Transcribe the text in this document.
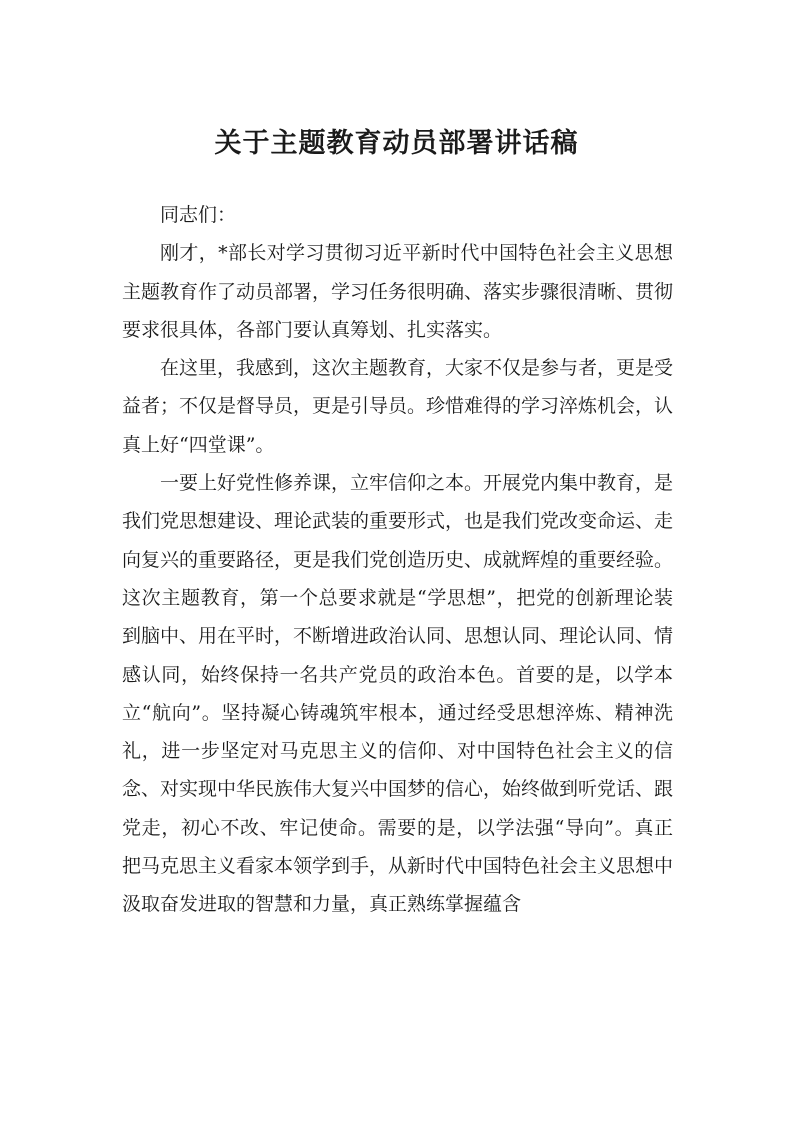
关于主题教育动员部署讲话稿

同志们：

刚才，*部长对学习贯彻习近平新时代中国特色社会主义思想主题教育作了动员部署，学习任务很明确、落实步骤很清晰、贯彻要求很具体，各部门要认真筹划、扎实落实。

在这里，我感到，这次主题教育，大家不仅是参与者，更是受益者；不仅是督导员，更是引导员。珍惜难得的学习淬炼机会，认真上好“四堂课”。

一要上好党性修养课，立牢信仰之本。开展党内集中教育，是我们党思想建设、理论武装的重要形式，也是我们党改变命运、走向复兴的重要路径，更是我们党创造历史、成就辉煌的重要经验。这次主题教育，第一个总要求就是“学思想”，把党的创新理论装到脑中、用在平时，不断增进政治认同、思想认同、理论认同、情感认同，始终保持一名共产党员的政治本色。首要的是，以学本立“航向”。坚持凝心铸魂筑牢根本，通过经受思想淬炼、精神洗礼，进一步坚定对马克思主义的信仰、对中国特色社会主义的信念、对实现中华民族伟大复兴中国梦的信心，始终做到听党话、跟党走，初心不改、牢记使命。需要的是，以学法强“导向”。真正把马克思主义看家本领学到手，从新时代中国特色社会主义思想中汲取奋发进取的智慧和力量，真正熟练掌握蕴含
